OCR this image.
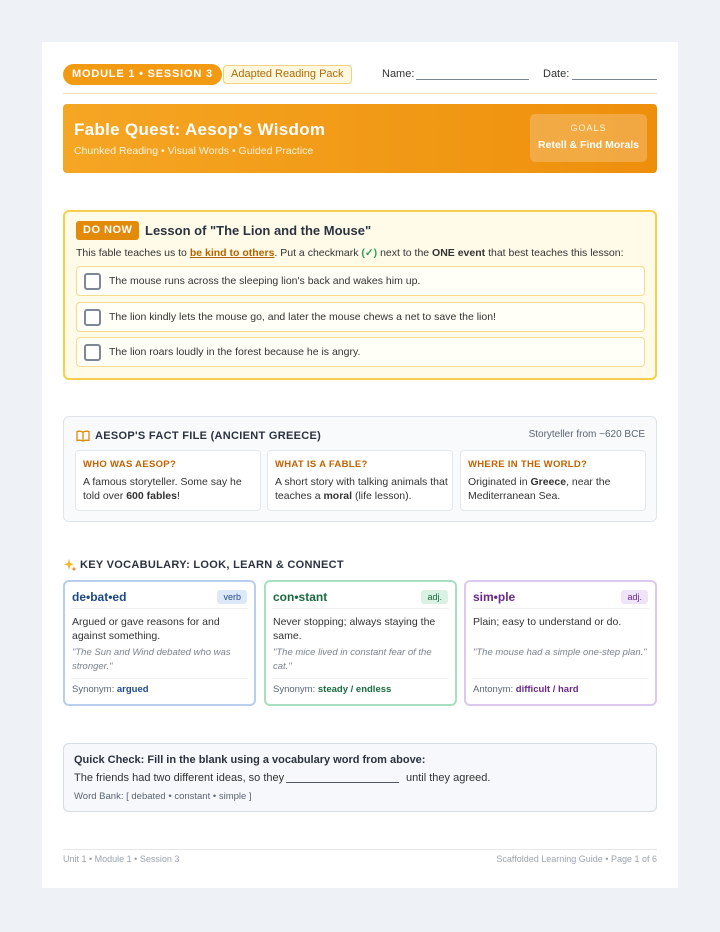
MODULE 1 • SESSION 3	Adapted Reading Pack	Name:	Date:
Fable Quest: Aesop's Wisdom
Chunked Reading • Visual Words • Guided Practice
GOALS
Retell & Find Morals
DO NOW Lesson of "The Lion and the Mouse"
This fable teaches us to be kind to others. Put a checkmark (✓) next to the ONE event that best teaches this lesson:
The mouse runs across the sleeping lion's back and wakes him up.
The lion kindly lets the mouse go, and later the mouse chews a net to save the lion!
The lion roars loudly in the forest because he is angry.
AESOP'S FACT FILE (ANCIENT GREECE)	Storyteller from ~620 BCE
WHO WAS AESOP?
A famous storyteller. Some say he told over 600 fables!
WHAT IS A FABLE?
A short story with talking animals that teaches a moral (life lesson).
WHERE IN THE WORLD?
Originated in Greece, near the Mediterranean Sea.
KEY VOCABULARY: LOOK, LEARN & CONNECT
de•bat•ed	verb
Argued or gave reasons for and against something.
"The Sun and Wind debated who was stronger."
Synonym: argued
con•stant	adj.
Never stopping; always staying the same.
"The mice lived in constant fear of the cat."
Synonym: steady / endless
sim•ple	adj.
Plain; easy to understand or do.
"The mouse had a simple one-step plan."
Antonym: difficult / hard
Quick Check: Fill in the blank using a vocabulary word from above:
The friends had two different ideas, so they	until they agreed.
Word Bank: [ debated • constant • simple ]
Unit 1 • Module 1 • Session 3	Scaffolded Learning Guide • Page 1 of 6
